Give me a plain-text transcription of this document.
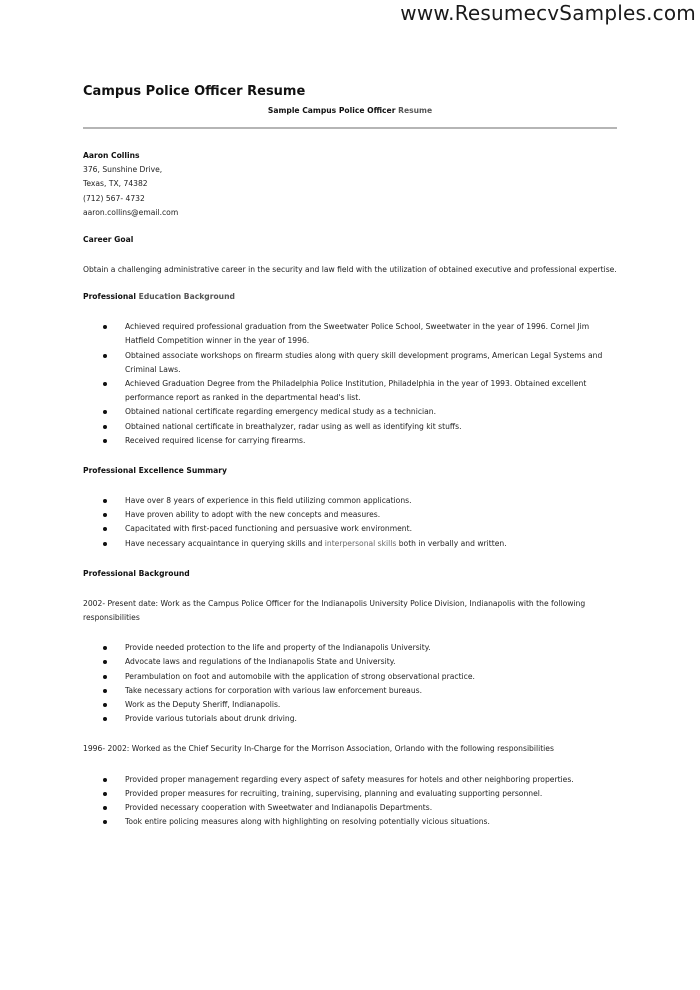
www.ResumecvSamples.com
Campus Police Officer Resume
Sample Campus Police Officer Resume
Aaron Collins
376, Sunshine Drive,
Texas, TX, 74382
(712) 567- 4732
aaron.collins@email.com
Career Goal
Obtain a challenging administrative career in the security and law field with the utilization of obtained executive and professional expertise.
Professional Education Background
Achieved required professional graduation from the Sweetwater Police School, Sweetwater in the year of 1996. Cornel Jim Hatfield Competition winner in the year of 1996.
Obtained associate workshops on firearm studies along with query skill development programs, American Legal Systems and Criminal Laws.
Achieved Graduation Degree from the Philadelphia Police Institution, Philadelphia in the year of 1993. Obtained excellent performance report as ranked in the departmental head's list.
Obtained national certificate regarding emergency medical study as a technician.
Obtained national certificate in breathalyzer, radar using as well as identifying kit stuffs.
Received required license for carrying firearms.
Professional Excellence Summary
Have over 8 years of experience in this field utilizing common applications.
Have proven ability to adopt with the new concepts and measures.
Capacitated with first-paced functioning and persuasive work environment.
Have necessary acquaintance in querying skills and interpersonal skills both in verbally and written.
Professional Background
2002- Present date: Work as the Campus Police Officer for the Indianapolis University Police Division, Indianapolis with the following responsibilities
Provide needed protection to the life and property of the Indianapolis University.
Advocate laws and regulations of the Indianapolis State and University.
Perambulation on foot and automobile with the application of strong observational practice.
Take necessary actions for corporation with various law enforcement bureaus.
Work as the Deputy Sheriff, Indianapolis.
Provide various tutorials about drunk driving.
1996- 2002: Worked as the Chief Security In-Charge for the Morrison Association, Orlando with the following responsibilities
Provided proper management regarding every aspect of safety measures for hotels and other neighboring properties.
Provided proper measures for recruiting, training, supervising, planning and evaluating supporting personnel.
Provided necessary cooperation with Sweetwater and Indianapolis Departments.
Took entire policing measures along with highlighting on resolving potentially vicious situations.
